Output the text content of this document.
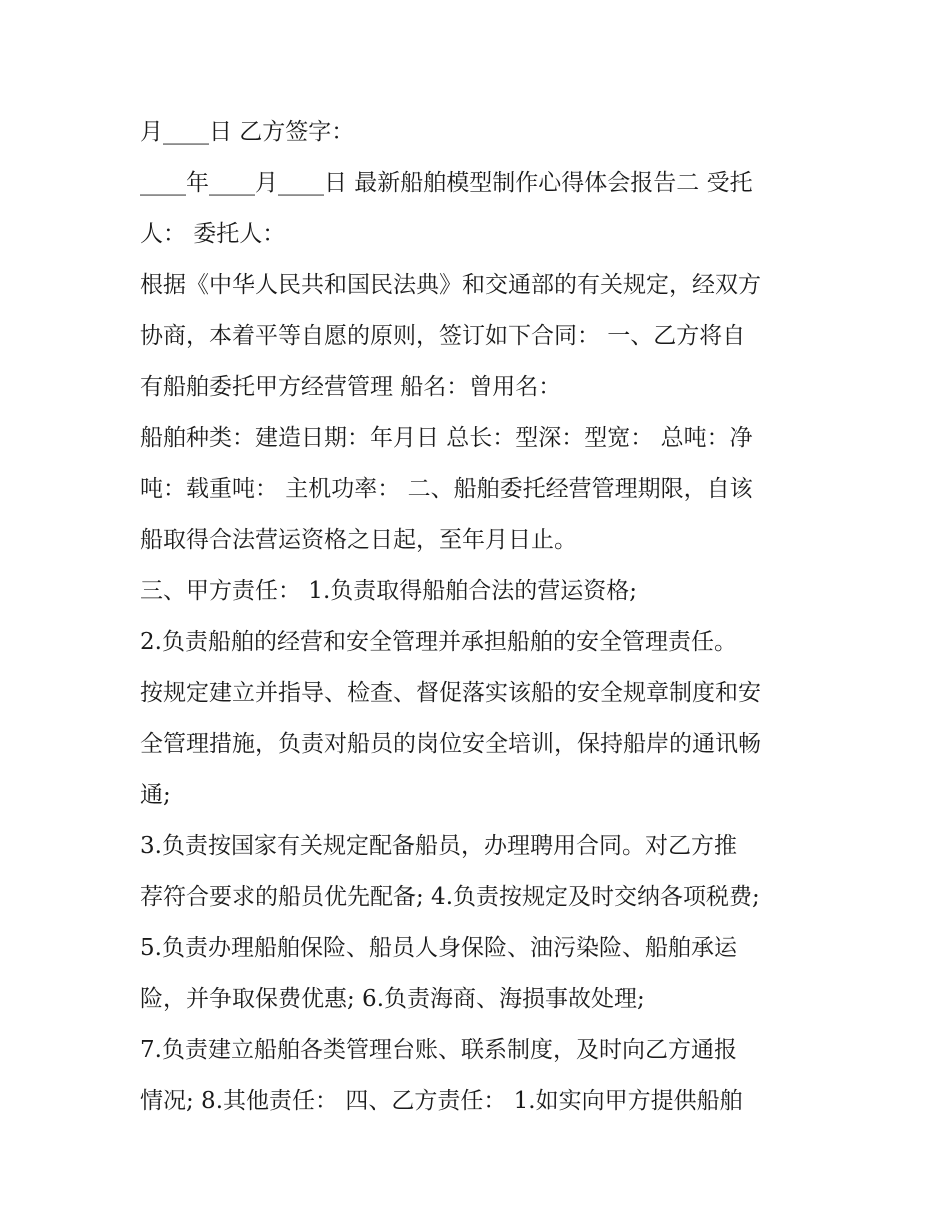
月____日 乙方签字：
____年____月____日 最新船舶模型制作心得体会报告二 受托
人： 委托人：
根据《中华人民共和国民法典》和交通部的有关规定，经双方
协商，本着平等自愿的原则，签订如下合同： 一、乙方将自
有船舶委托甲方经营管理 船名：曾用名：
船舶种类：建造日期：年月日 总长：型深：型宽： 总吨：净
吨：载重吨： 主机功率： 二、船舶委托经营管理期限，自该
船取得合法营运资格之日起，至年月日止。
三、甲方责任： 1.负责取得船舶合法的营运资格;
2.负责船舶的经营和安全管理并承担船舶的安全管理责任。
按规定建立并指导、检查、督促落实该船的安全规章制度和安
全管理措施，负责对船员的岗位安全培训，保持船岸的通讯畅
通;
3.负责按国家有关规定配备船员，办理聘用合同。对乙方推
荐符合要求的船员优先配备; 4.负责按规定及时交纳各项税费;
5.负责办理船舶保险、船员人身保险、油污染险、船舶承运
险，并争取保费优惠; 6.负责海商、海损事故处理;
7.负责建立船舶各类管理台账、联系制度，及时向乙方通报
情况; 8.其他责任： 四、乙方责任： 1.如实向甲方提供船舶
